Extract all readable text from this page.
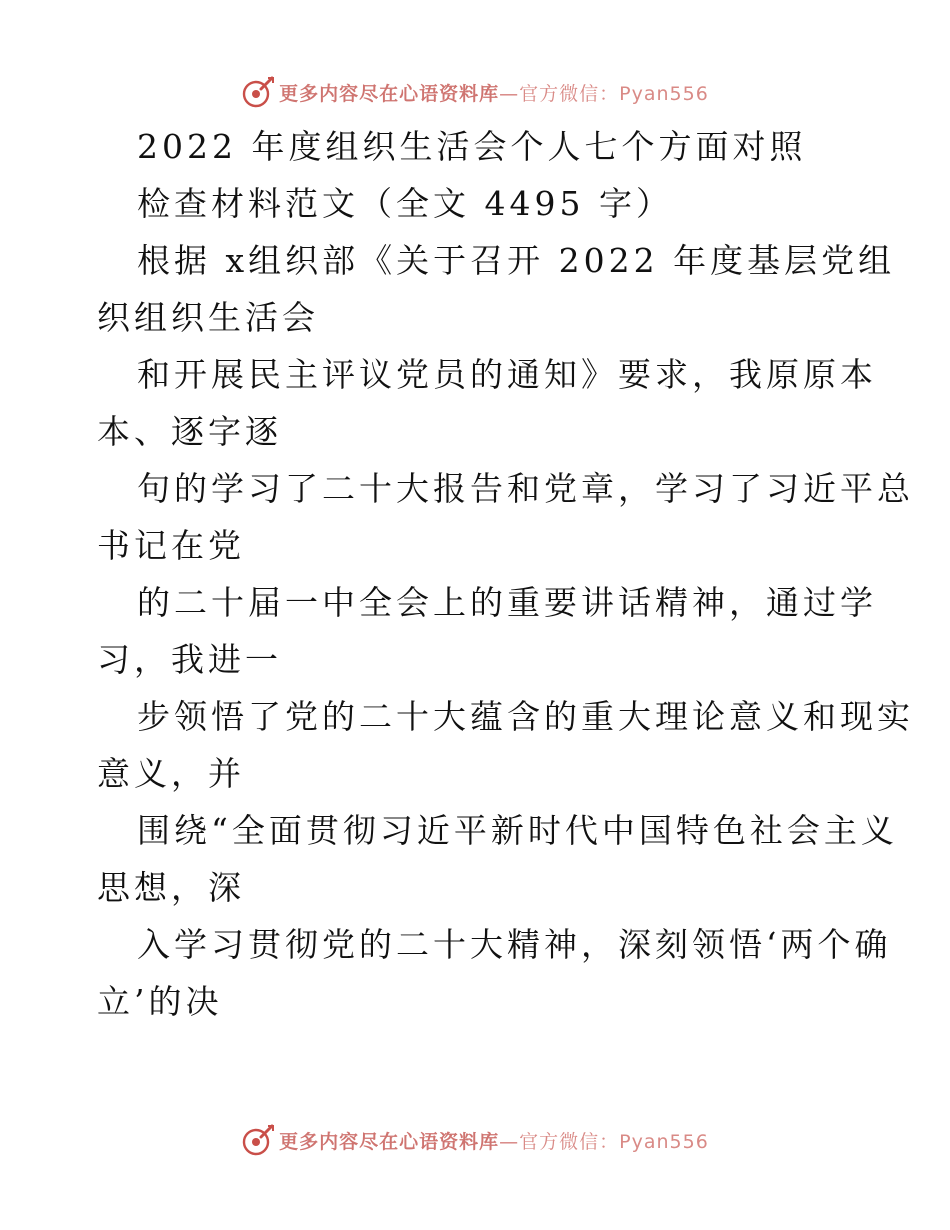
更多内容尽在心语资料库—官方微信：Pyan556
2022 年度组织生活会个人七个方面对照
检查材料范文（全文 4495 字）
根据 x组织部《关于召开 2022 年度基层党组
织组织生活会
和开展民主评议党员的通知》要求，我原原本
本、逐字逐
句的学习了二十大报告和党章，学习了习近平总
书记在党
的二十届一中全会上的重要讲话精神，通过学
习，我进一
步领悟了党的二十大蕴含的重大理论意义和现实
意义，并
围绕“全面贯彻习近平新时代中国特色社会主义
思想，深
入学习贯彻党的二十大精神，深刻领悟‘两个确
立’的决
更多内容尽在心语资料库—官方微信：Pyan556
